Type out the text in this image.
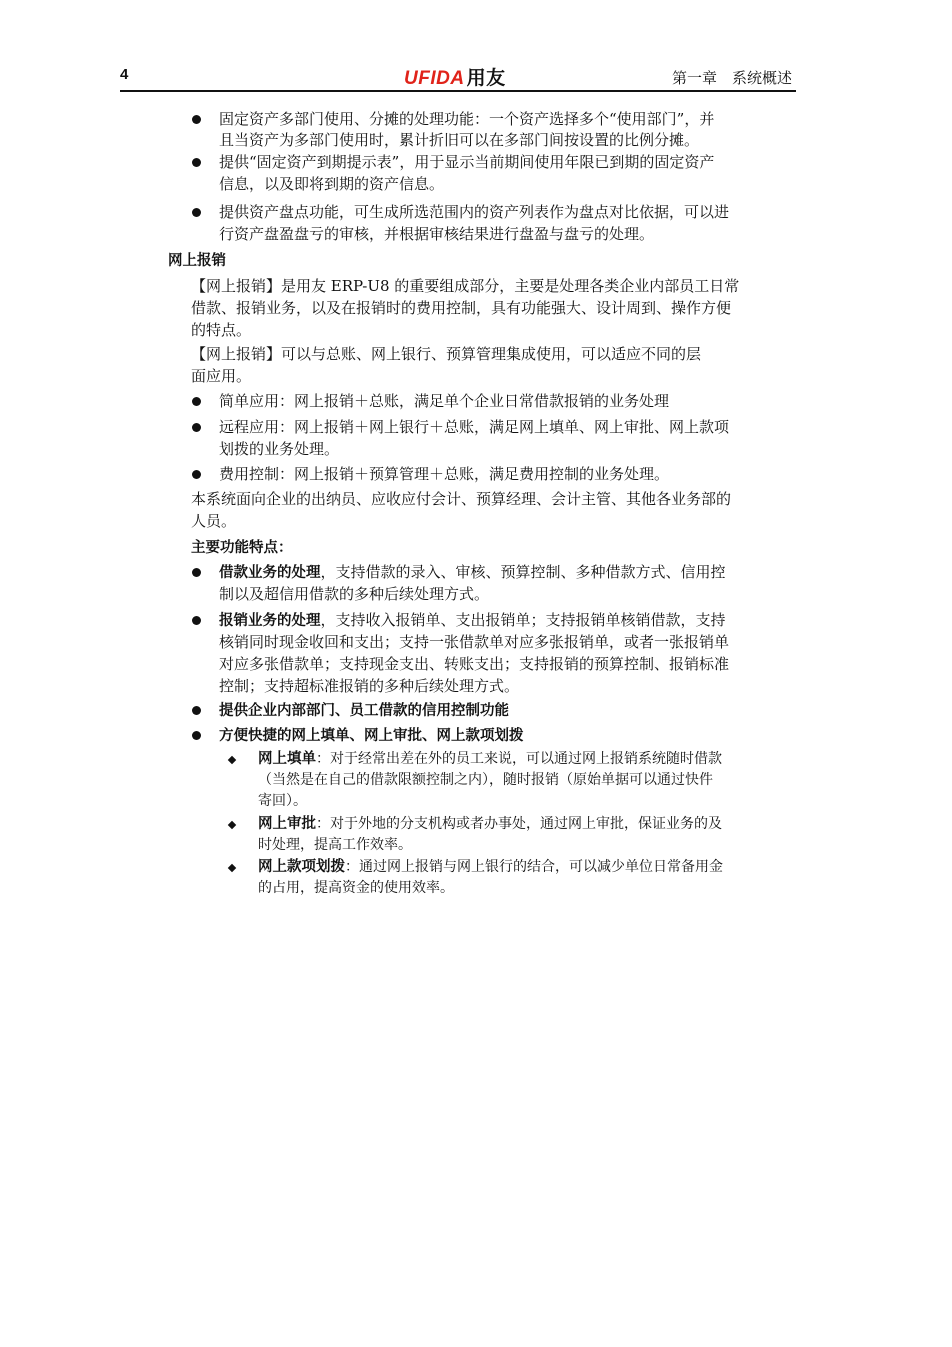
4	UFIDA 用友	第一章　系统概述
固定资产多部门使用、分摊的处理功能：一个资产选择多个“使用部门”，并
且当资产为多部门使用时，累计折旧可以在多部门间按设置的比例分摊。
提供“固定资产到期提示表”，用于显示当前期间使用年限已到期的固定资产
信息，以及即将到期的资产信息。
提供资产盘点功能，可生成所选范围内的资产列表作为盘点对比依据，可以进
行资产盘盈盘亏的审核，并根据审核结果进行盘盈与盘亏的处理。
网上报销
【网上报销】是用友 ERP-U8 的重要组成部分，主要是处理各类企业内部员工日常
借款、报销业务，以及在报销时的费用控制，具有功能强大、设计周到、操作方便
的特点。
【网上报销】可以与总账、网上银行、预算管理集成使用，可以适应不同的层
面应用。
简单应用：网上报销＋总账，满足单个企业日常借款报销的业务处理
远程应用：网上报销＋网上银行＋总账，满足网上填单、网上审批、网上款项
划拨的业务处理。
费用控制：网上报销＋预算管理＋总账，满足费用控制的业务处理。
本系统面向企业的出纳员、应收应付会计、预算经理、会计主管、其他各业务部的
人员。
主要功能特点：
借款业务的处理，支持借款的录入、审核、预算控制、多种借款方式、信用控
制以及超信用借款的多种后续处理方式。
报销业务的处理，支持收入报销单、支出报销单；支持报销单核销借款，支持
核销同时现金收回和支出；支持一张借款单对应多张报销单，或者一张报销单
对应多张借款单；支持现金支出、转账支出；支持报销的预算控制、报销标准
控制；支持超标准报销的多种后续处理方式。
提供企业内部部门、员工借款的信用控制功能
方便快捷的网上填单、网上审批、网上款项划拨
网上填单：对于经常出差在外的员工来说，可以通过网上报销系统随时借款
（当然是在自己的借款限额控制之内），随时报销（原始单据可以通过快件
寄回）。
网上审批：对于外地的分支机构或者办事处，通过网上审批，保证业务的及
时处理，提高工作效率。
网上款项划拨：通过网上报销与网上银行的结合，可以减少单位日常备用金
的占用，提高资金的使用效率。
